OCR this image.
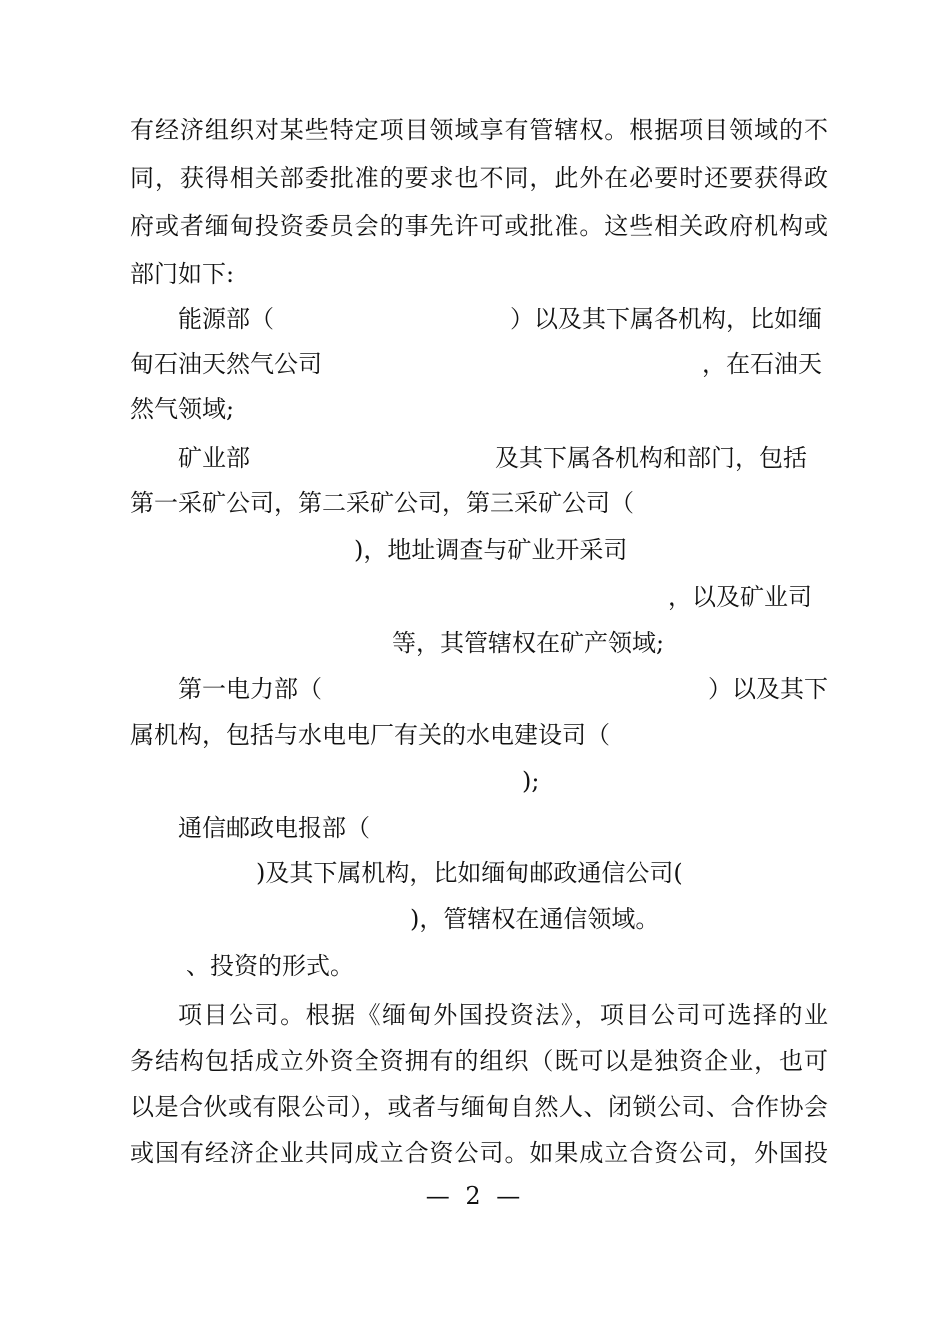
有经济组织对某些特定项目领域享有管辖权。根据项目领域的不
同，获得相关部委批准的要求也不同，此外在必要时还要获得政
府或者缅甸投资委员会的事先许可或批准。这些相关政府机构或
部门如下:
能源部（	）以及其下属各机构，比如缅
甸石油天然气公司	，在石油天
然气领域;
矿业部	及其下属各机构和部门，包括
第一采矿公司，第二采矿公司，第三采矿公司（
)，地址调查与矿业开采司
，以及矿业司
等，其管辖权在矿产领域;
第一电力部（	）以及其下
属机构，包括与水电电厂有关的水电建设司（
);
通信邮政电报部（
)及其下属机构，比如缅甸邮政通信公司(
)，管辖权在通信领域。
、投资的形式。
项目公司。根据《缅甸外国投资法》，项目公司可选择的业
务结构包括成立外资全资拥有的组织（既可以是独资企业，也可
以是合伙或有限公司），或者与缅甸自然人、闭锁公司、合作协会
或国有经济企业共同成立合资公司。如果成立合资公司，外国投
— 2 —
